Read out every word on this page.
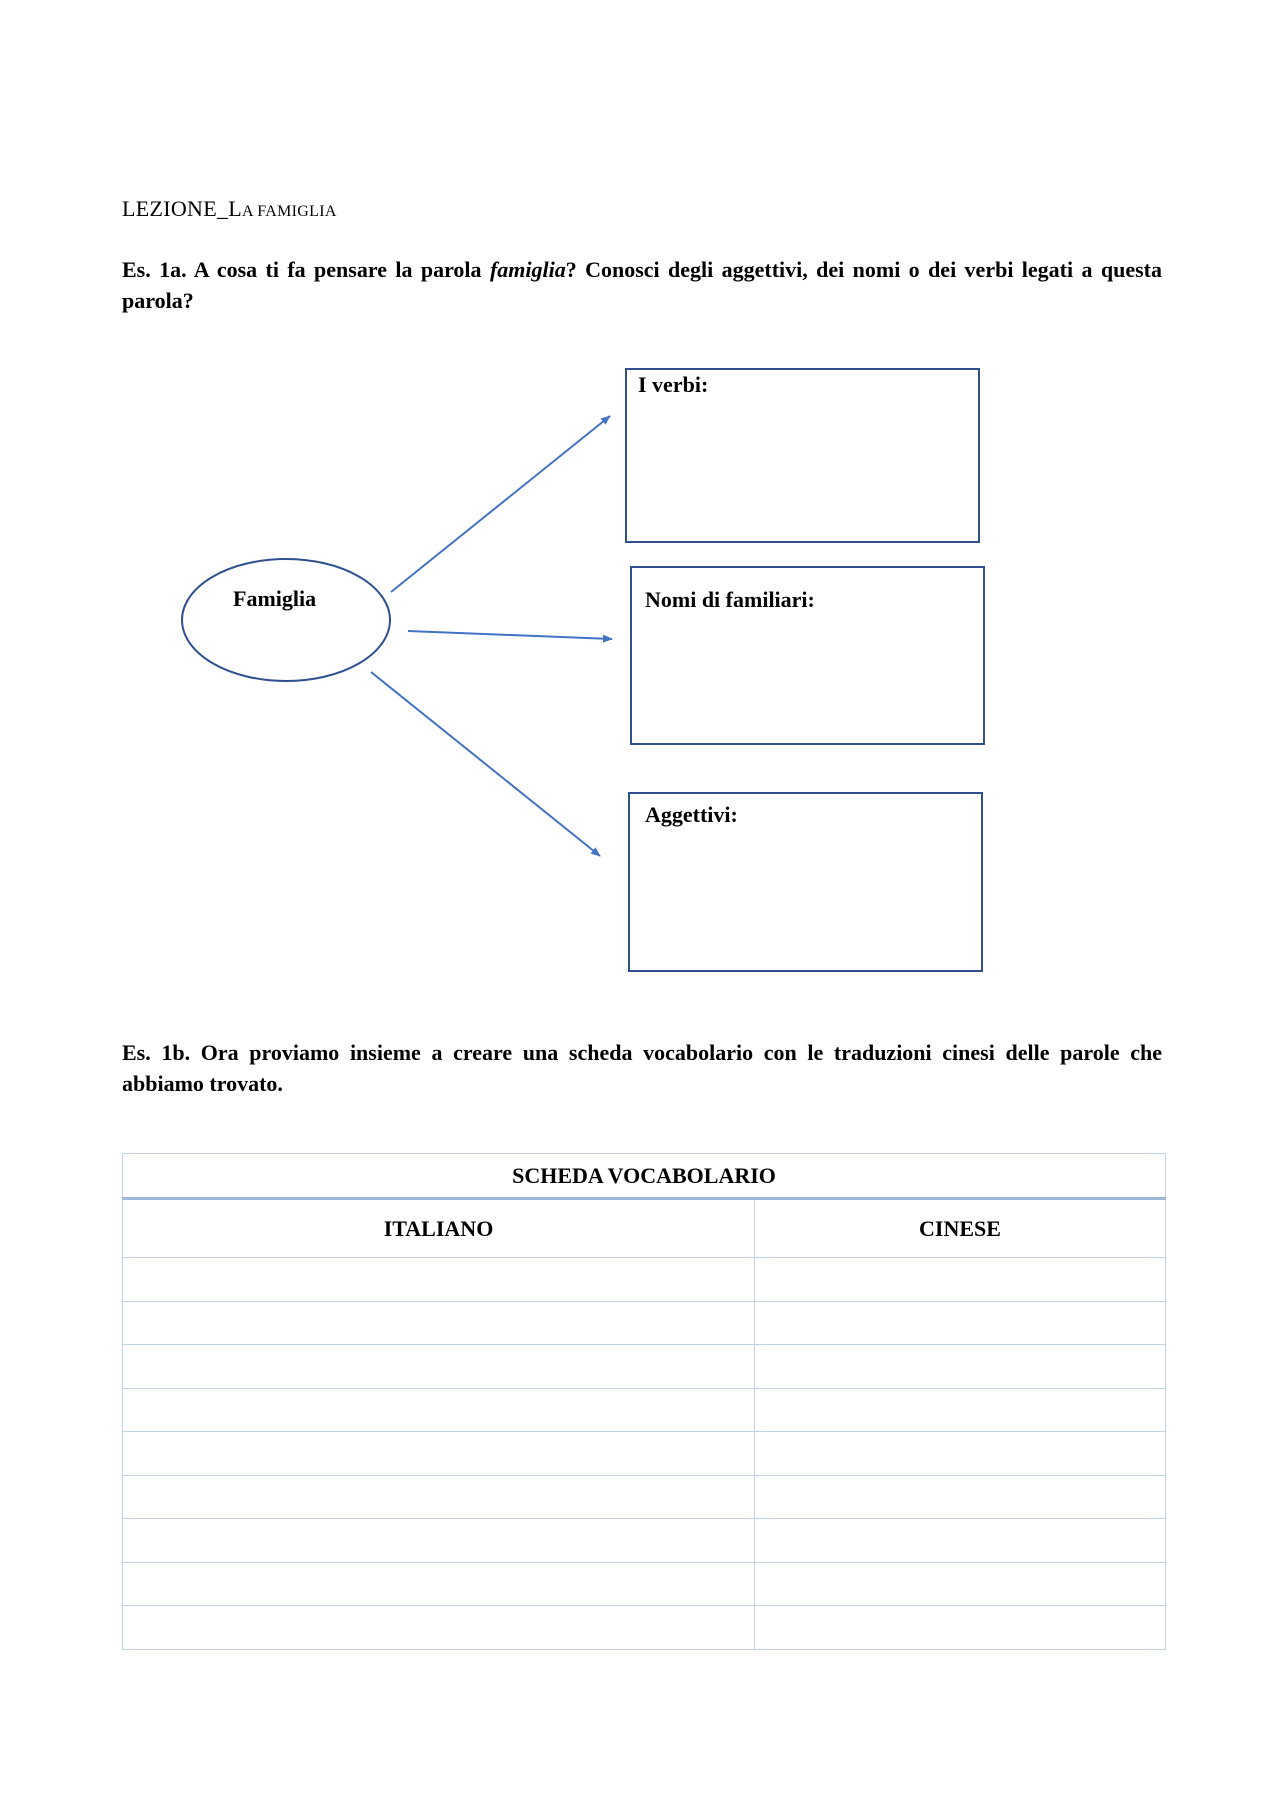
LEZIONE_LA FAMIGLIA
Es. 1a. A cosa ti fa pensare la parola famiglia? Conosci degli aggettivi, dei nomi o dei verbi legati a questa parola?
Famiglia
I verbi:
Nomi di familiari:
Aggettivi:
Es. 1b. Ora proviamo insieme a creare una scheda vocabolario con le traduzioni cinesi delle parole che abbiamo trovato.
SCHEDA VOCABOLARIO	
ITALIANO	CINESE
